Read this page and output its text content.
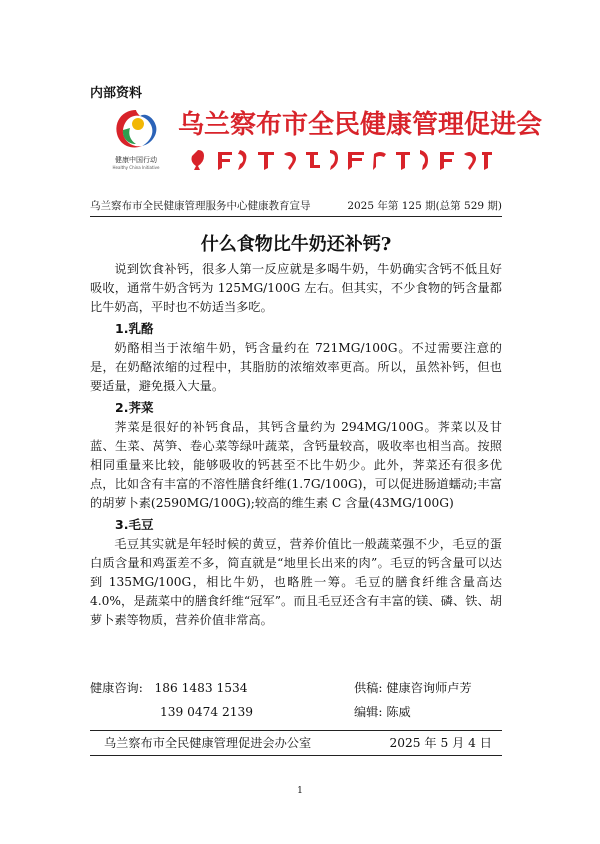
内部资料
健康中国行动
Healthy China Initiative
乌兰察布市全民健康管理促进会
乌兰察布市全民健康管理服务中心健康教育宣导	2025 年第 125 期(总第 529 期)
什么食物比牛奶还补钙?

说到饮食补钙，很多人第一反应就是多喝牛奶，牛奶确实含钙不低且好吸收，通常牛奶含钙为 125MG/100G 左右。但其实，不少食物的钙含量都比牛奶高，平时也不妨适当多吃。

1.乳酪

奶酪相当于浓缩牛奶，钙含量约在 721MG/100G。不过需要注意的是，在奶酪浓缩的过程中，其脂肪的浓缩效率更高。所以，虽然补钙，但也要适量，避免摄入大量。

2.荠菜

荠菜是很好的补钙食品，其钙含量约为 294MG/100G。荠菜以及甘蓝、生菜、莴笋、卷心菜等绿叶蔬菜，含钙量较高，吸收率也相当高。按照相同重量来比较，能够吸收的钙甚至不比牛奶少。此外，荠菜还有很多优点，比如含有丰富的不溶性膳食纤维(1.7G/100G)，可以促进肠道蠕动;丰富的胡萝卜素(2590MG/100G);较高的维生素 C 含量(43MG/100G)

3.毛豆

毛豆其实就是年轻时候的黄豆，营养价值比一般蔬菜强不少，毛豆的蛋白质含量和鸡蛋差不多，简直就是“地里长出来的肉”。毛豆的钙含量可以达到 135MG/100G，相比牛奶，也略胜一筹。毛豆的膳食纤维含量高达 4.0%，是蔬菜中的膳食纤维“冠军”。而且毛豆还含有丰富的镁、磷、铁、胡萝卜素等物质，营养价值非常高。

健康咨询: 186 1483 1534	供稿: 健康咨询师卢芳
139 0474 2139	编辑: 陈威
乌兰察布市全民健康管理促进会办公室	2025 年 5 月 4 日
1
